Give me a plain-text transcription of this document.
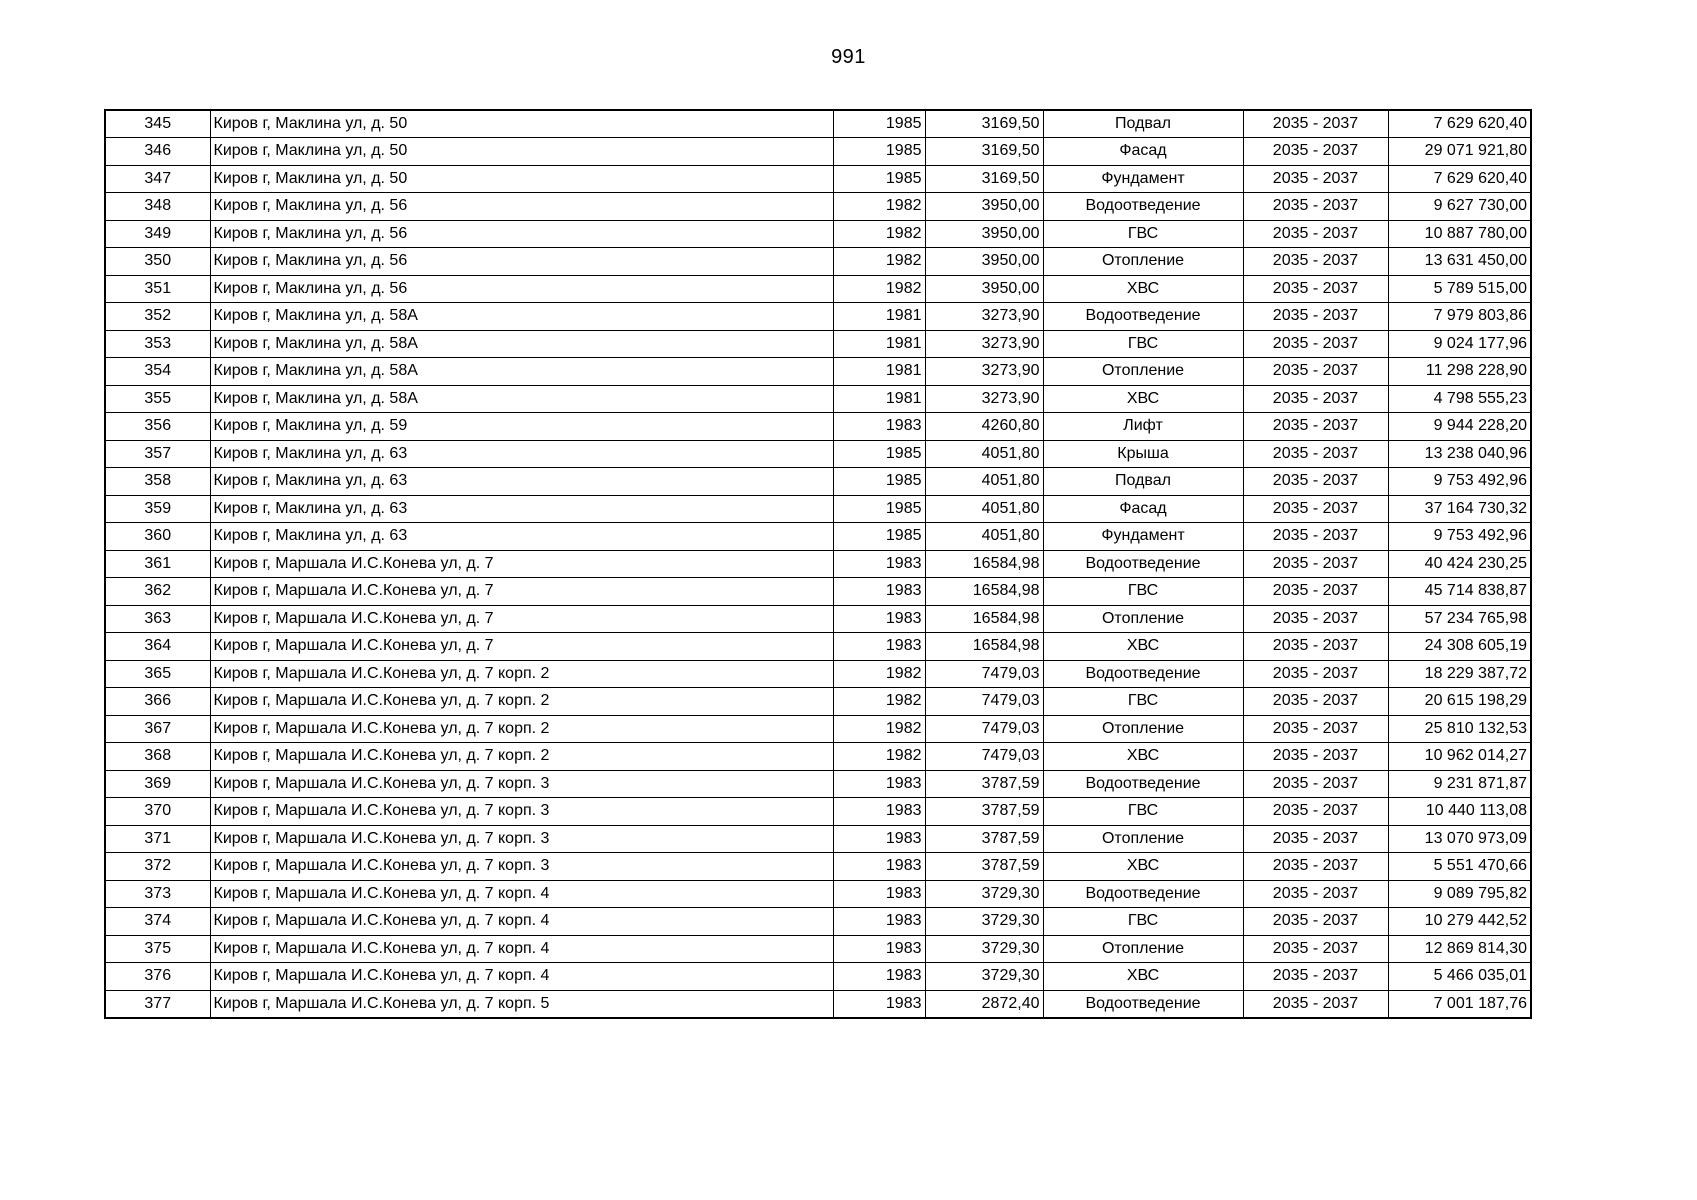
991
345	Киров г, Маклина ул, д. 50	1985	3169,50	Подвал	2035 - 2037	7 629 620,40
346	Киров г, Маклина ул, д. 50	1985	3169,50	Фасад	2035 - 2037	29 071 921,80
347	Киров г, Маклина ул, д. 50	1985	3169,50	Фундамент	2035 - 2037	7 629 620,40
348	Киров г, Маклина ул, д. 56	1982	3950,00	Водоотведение	2035 - 2037	9 627 730,00
349	Киров г, Маклина ул, д. 56	1982	3950,00	ГВС	2035 - 2037	10 887 780,00
350	Киров г, Маклина ул, д. 56	1982	3950,00	Отопление	2035 - 2037	13 631 450,00
351	Киров г, Маклина ул, д. 56	1982	3950,00	ХВС	2035 - 2037	5 789 515,00
352	Киров г, Маклина ул, д. 58А	1981	3273,90	Водоотведение	2035 - 2037	7 979 803,86
353	Киров г, Маклина ул, д. 58А	1981	3273,90	ГВС	2035 - 2037	9 024 177,96
354	Киров г, Маклина ул, д. 58А	1981	3273,90	Отопление	2035 - 2037	11 298 228,90
355	Киров г, Маклина ул, д. 58А	1981	3273,90	ХВС	2035 - 2037	4 798 555,23
356	Киров г, Маклина ул, д. 59	1983	4260,80	Лифт	2035 - 2037	9 944 228,20
357	Киров г, Маклина ул, д. 63	1985	4051,80	Крыша	2035 - 2037	13 238 040,96
358	Киров г, Маклина ул, д. 63	1985	4051,80	Подвал	2035 - 2037	9 753 492,96
359	Киров г, Маклина ул, д. 63	1985	4051,80	Фасад	2035 - 2037	37 164 730,32
360	Киров г, Маклина ул, д. 63	1985	4051,80	Фундамент	2035 - 2037	9 753 492,96
361	Киров г, Маршала И.С.Конева ул, д. 7	1983	16584,98	Водоотведение	2035 - 2037	40 424 230,25
362	Киров г, Маршала И.С.Конева ул, д. 7	1983	16584,98	ГВС	2035 - 2037	45 714 838,87
363	Киров г, Маршала И.С.Конева ул, д. 7	1983	16584,98	Отопление	2035 - 2037	57 234 765,98
364	Киров г, Маршала И.С.Конева ул, д. 7	1983	16584,98	ХВС	2035 - 2037	24 308 605,19
365	Киров г, Маршала И.С.Конева ул, д. 7 корп. 2	1982	7479,03	Водоотведение	2035 - 2037	18 229 387,72
366	Киров г, Маршала И.С.Конева ул, д. 7 корп. 2	1982	7479,03	ГВС	2035 - 2037	20 615 198,29
367	Киров г, Маршала И.С.Конева ул, д. 7 корп. 2	1982	7479,03	Отопление	2035 - 2037	25 810 132,53
368	Киров г, Маршала И.С.Конева ул, д. 7 корп. 2	1982	7479,03	ХВС	2035 - 2037	10 962 014,27
369	Киров г, Маршала И.С.Конева ул, д. 7 корп. 3	1983	3787,59	Водоотведение	2035 - 2037	9 231 871,87
370	Киров г, Маршала И.С.Конева ул, д. 7 корп. 3	1983	3787,59	ГВС	2035 - 2037	10 440 113,08
371	Киров г, Маршала И.С.Конева ул, д. 7 корп. 3	1983	3787,59	Отопление	2035 - 2037	13 070 973,09
372	Киров г, Маршала И.С.Конева ул, д. 7 корп. 3	1983	3787,59	ХВС	2035 - 2037	5 551 470,66
373	Киров г, Маршала И.С.Конева ул, д. 7 корп. 4	1983	3729,30	Водоотведение	2035 - 2037	9 089 795,82
374	Киров г, Маршала И.С.Конева ул, д. 7 корп. 4	1983	3729,30	ГВС	2035 - 2037	10 279 442,52
375	Киров г, Маршала И.С.Конева ул, д. 7 корп. 4	1983	3729,30	Отопление	2035 - 2037	12 869 814,30
376	Киров г, Маршала И.С.Конева ул, д. 7 корп. 4	1983	3729,30	ХВС	2035 - 2037	5 466 035,01
377	Киров г, Маршала И.С.Конева ул, д. 7 корп. 5	1983	2872,40	Водоотведение	2035 - 2037	7 001 187,76
